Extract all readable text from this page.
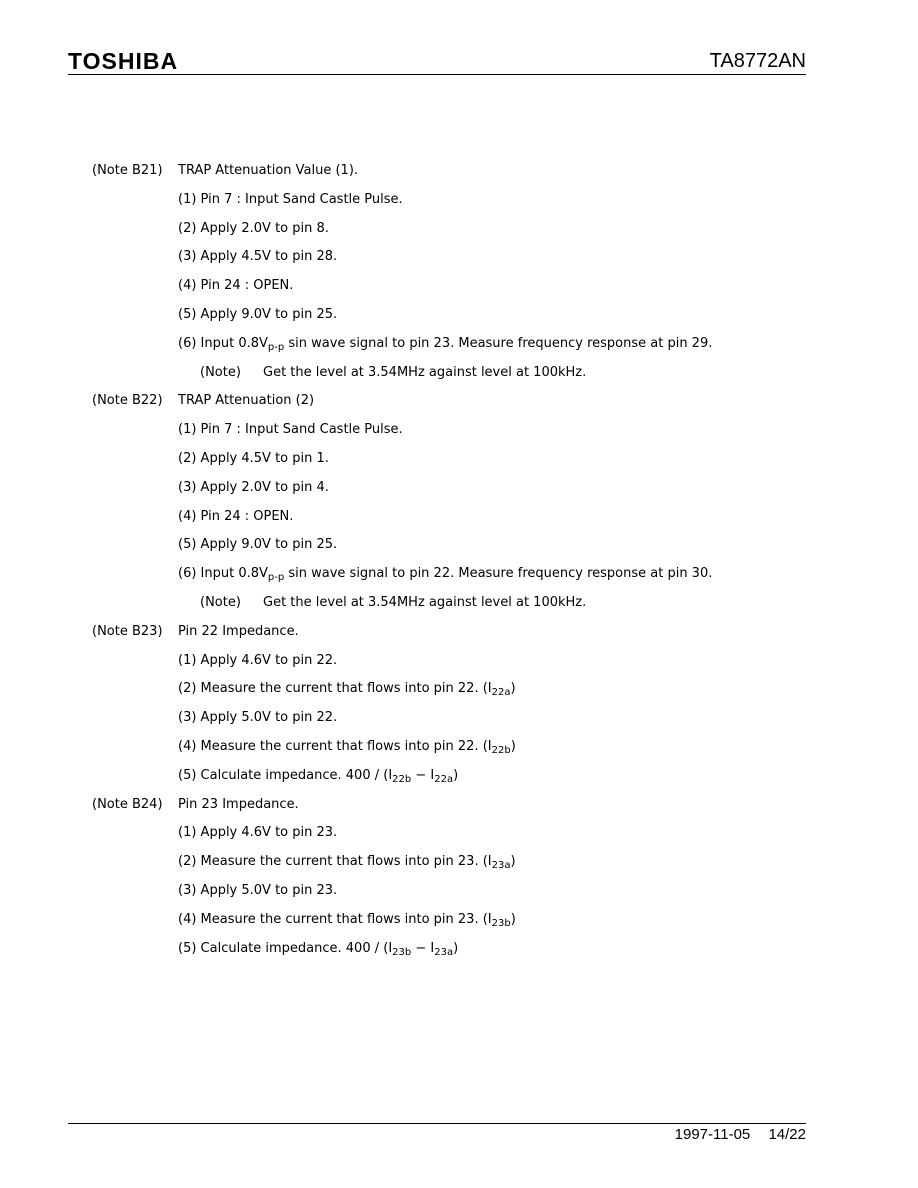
TOSHIBA	TA8772AN
(Note B21) TRAP Attenuation Value (1).
(1) Pin 7 : Input Sand Castle Pulse.
(2) Apply 2.0V to pin 8.
(3) Apply 4.5V to pin 28.
(4) Pin 24 : OPEN.
(5) Apply 9.0V to pin 25.
(6) Input $0.8V_{p-p}$ sin wave signal to pin 23. Measure frequency response at pin 29.
(Note) Get the level at 3.54MHz against level at 100kHz.
(Note B22) TRAP Attenuation (2)
(1) Pin 7 : Input Sand Castle Pulse.
(2) Apply 4.5V to pin 1.
(3) Apply 2.0V to pin 4.
(4) Pin 24 : OPEN.
(5) Apply 9.0V to pin 25.
(6) Input $0.8V_{p-p}$ sin wave signal to pin 22. Measure frequency response at pin 30.
(Note) Get the level at 3.54MHz against level at 100kHz.
(Note B23) Pin 22 Impedance.
(1) Apply 4.6V to pin 22.
(2) Measure the current that flows into pin 22. $(I_{22a})$
(3) Apply 5.0V to pin 22.
(4) Measure the current that flows into pin 22. $(I_{22b})$
(5) Calculate impedance. $400 / (I_{22b} - I_{22a})$
(Note B24) Pin 23 Impedance.
(1) Apply 4.6V to pin 23.
(2) Measure the current that flows into pin 23. $(I_{23a})$
(3) Apply 5.0V to pin 23.
(4) Measure the current that flows into pin 23. $(I_{23b})$
(5) Calculate impedance. $400 / (I_{23b} - I_{23a})$
1997-11-05 14/22
